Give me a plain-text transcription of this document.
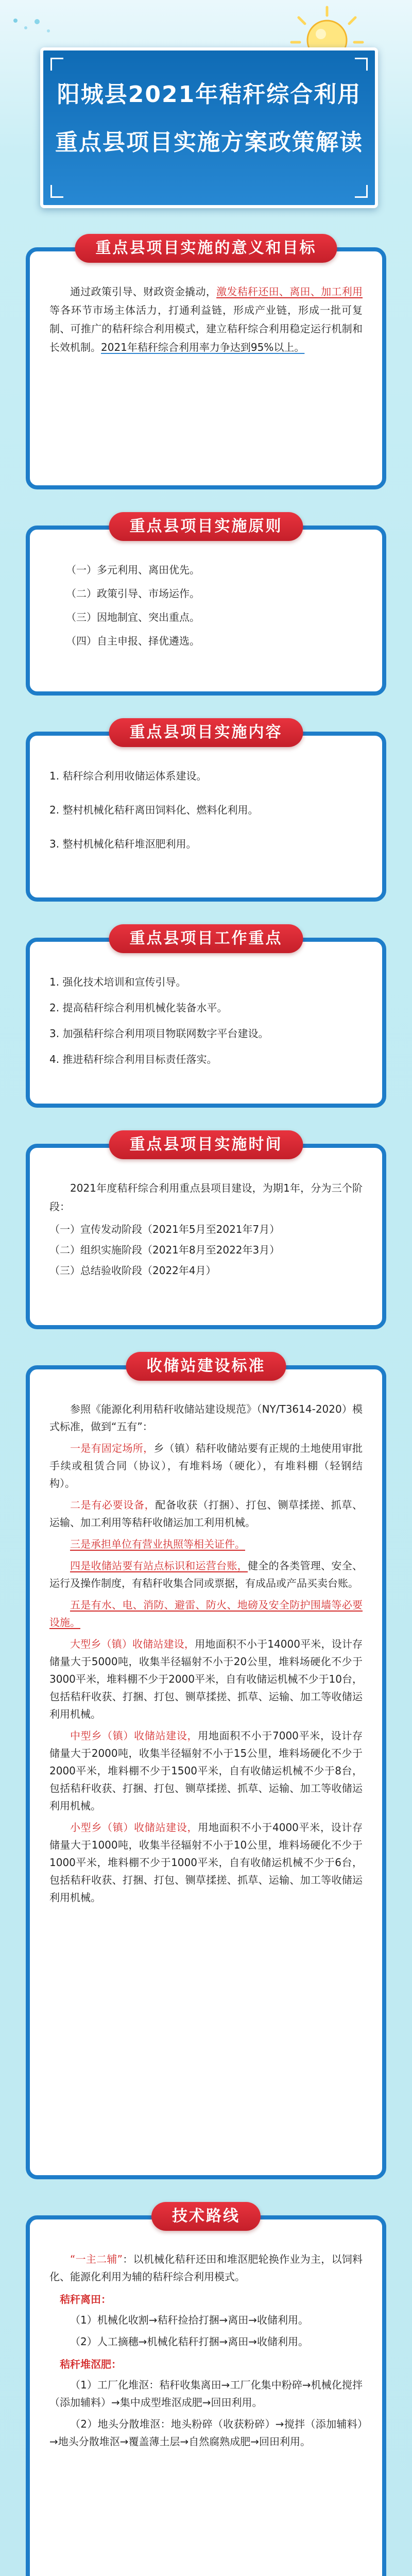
阳城县2021年秸秆综合利用

重点县项目实施方案政策解读

重点县项目实施的意义和目标

通过政策引导、财政资金撬动，激发秸秆还田、离田、加工利用等各环节市场主体活力，打通利益链，形成产业链，形成一批可复制、可推广的秸秆综合利用模式，建立秸秆综合利用稳定运行机制和长效机制。2021年秸秆综合利用率力争达到95%以上。

重点县项目实施原则

（一）多元利用、离田优先。

（二）政策引导、市场运作。

（三）因地制宜、突出重点。

（四）自主申报、择优遴选。

重点县项目实施内容

1. 秸秆综合利用收储运体系建设。

2. 整村机械化秸秆离田饲料化、燃料化利用。

3. 整村机械化秸秆堆沤肥利用。

重点县项目工作重点

1. 强化技术培训和宣传引导。

2. 提高秸秆综合利用机械化装备水平。

3. 加强秸秆综合利用项目物联网数字平台建设。

4. 推进秸秆综合利用目标责任落实。

重点县项目实施时间

2021年度秸秆综合利用重点县项目建设，为期1年，分为三个阶段：

（一）宣传发动阶段（2021年5月至2021年7月）

（二）组织实施阶段（2021年8月至2022年3月）

（三）总结验收阶段（2022年4月）

收储站建设标准

参照《能源化利用秸秆收储站建设规范》（NY/T3614-2020）模式标准，做到“五有”：

一是有固定场所，乡（镇）秸秆收储站要有正规的土地使用审批手续或租赁合同（协议），有堆料场（硬化），有堆料棚（轻钢结构）。

二是有必要设备，配备收获（打捆）、打包、铡草揉搓、抓草、运输、加工利用等秸秆收储运加工利用机械。

三是承担单位有营业执照等相关证件。

四是收储站要有站点标识和运营台账，健全的各类管理、安全、运行及操作制度，有秸秆收集合同或票据，有成品或产品买卖台账。

五是有水、电、消防、避雷、防火、地磅及安全防护围墙等必要设施。

大型乡（镇）收储站建设，用地面积不小于14000平米，设计存储量大于5000吨，收集半径辐射不小于20公里，堆料场硬化不少于3000平米，堆料棚不少于2000平米，自有收储运机械不少于10台，包括秸秆收获、打捆、打包、铡草揉搓、抓草、运输、加工等收储运利用机械。

中型乡（镇）收储站建设，用地面积不小于7000平米，设计存储量大于2000吨，收集半径辐射不小于15公里，堆料场硬化不少于2000平米，堆料棚不少于1500平米，自有收储运机械不少于8台，包括秸秆收获、打捆、打包、铡草揉搓、抓草、运输、加工等收储运利用机械。

小型乡（镇）收储站建设，用地面积不小于4000平米，设计存储量大于1000吨，收集半径辐射不小于10公里，堆料场硬化不少于1000平米，堆料棚不少于1000平米，自有收储运机械不少于6台，包括秸秆收获、打捆、打包、铡草揉搓、抓草、运输、加工等收储运利用机械。

技术路线

“一主二辅”：以机械化秸秆还田和堆沤肥轮换作业为主，以饲料化、能源化利用为辅的秸秆综合利用模式。

秸秆离田：

（1）机械化收割→秸秆捡拾打捆→离田→收储利用。

（2）人工摘穗→机械化秸秆打捆→离田→收储利用。

秸秆堆沤肥：

（1）工厂化堆沤：秸秆收集离田→工厂化集中粉碎→机械化搅拌（添加辅料）→集中成型堆沤成肥→回田利用。

（2）地头分散堆沤：地头粉碎（收获粉碎）→搅拌（添加辅料）→地头分散堆沤→覆盖薄土层→自然腐熟成肥→回田利用。
